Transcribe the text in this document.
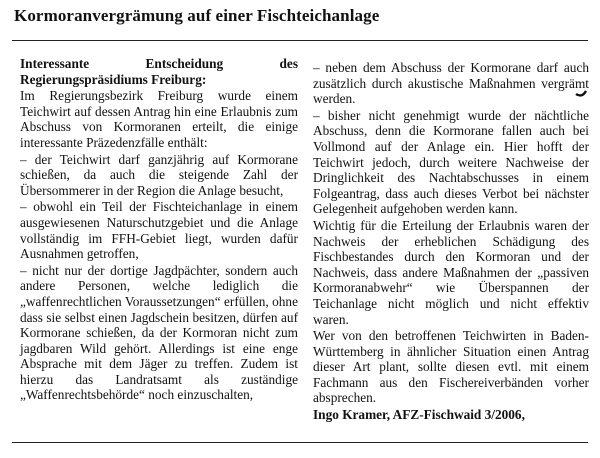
Kormoranvergrämung auf einer Fischteichanlage

Interessante Entscheidung des Regierungspräsidiums Freiburg:

Im Regierungsbezirk Freiburg wurde einem Teichwirt auf dessen Antrag hin eine Erlaubnis zum Abschuss von Kormoranen erteilt, die einige interessante Präzedenzfälle enthält:

– der Teichwirt darf ganzjährig auf Kormorane schießen, da auch die steigende Zahl der Übersommerer in der Region die Anlage besucht,

– obwohl ein Teil der Fischteichanlage in einem ausgewiesenen Naturschutzgebiet und die Anlage vollständig im FFH-Gebiet liegt, wurden dafür Ausnahmen getroffen,

– nicht nur der dortige Jagdpächter, sondern auch andere Personen, welche lediglich die „waffenrechtlichen Voraussetzungen“ erfüllen, ohne dass sie selbst einen Jagdschein besitzen, dürfen auf Kormorane schießen, da der Kormoran nicht zum jagdbaren Wild gehört. Allerdings ist eine enge Absprache mit dem Jäger zu treffen. Zudem ist hierzu das Landratsamt als zuständige „Waffenrechtsbehörde“ noch einzuschalten,

– neben dem Abschuss der Kormorane darf auch zusätzlich durch akustische Maßnahmen vergrämt werden.

– bisher nicht genehmigt wurde der nächtliche Abschuss, denn die Kormorane fallen auch bei Vollmond auf der Anlage ein. Hier hofft der Teichwirt jedoch, durch weitere Nachweise der Dringlichkeit des Nachtabschusses in einem Folgeantrag, dass auch dieses Verbot bei nächster Gelegenheit aufgehoben werden kann.

Wichtig für die Erteilung der Erlaubnis waren der Nachweis der erheblichen Schädigung des Fischbestandes durch den Kormoran und der Nachweis, dass andere Maßnahmen der „passiven Kormoranabwehr“ wie Überspannen der Teichanlage nicht möglich und nicht effektiv waren.

Wer von den betroffenen Teichwirten in Baden-Württemberg in ähnlicher Situation einen Antrag dieser Art plant, sollte diesen evtl. mit einem Fachmann aus den Fischereiverbänden vorher absprechen.

Ingo Kramer, AFZ-Fischwaid 3/2006,
